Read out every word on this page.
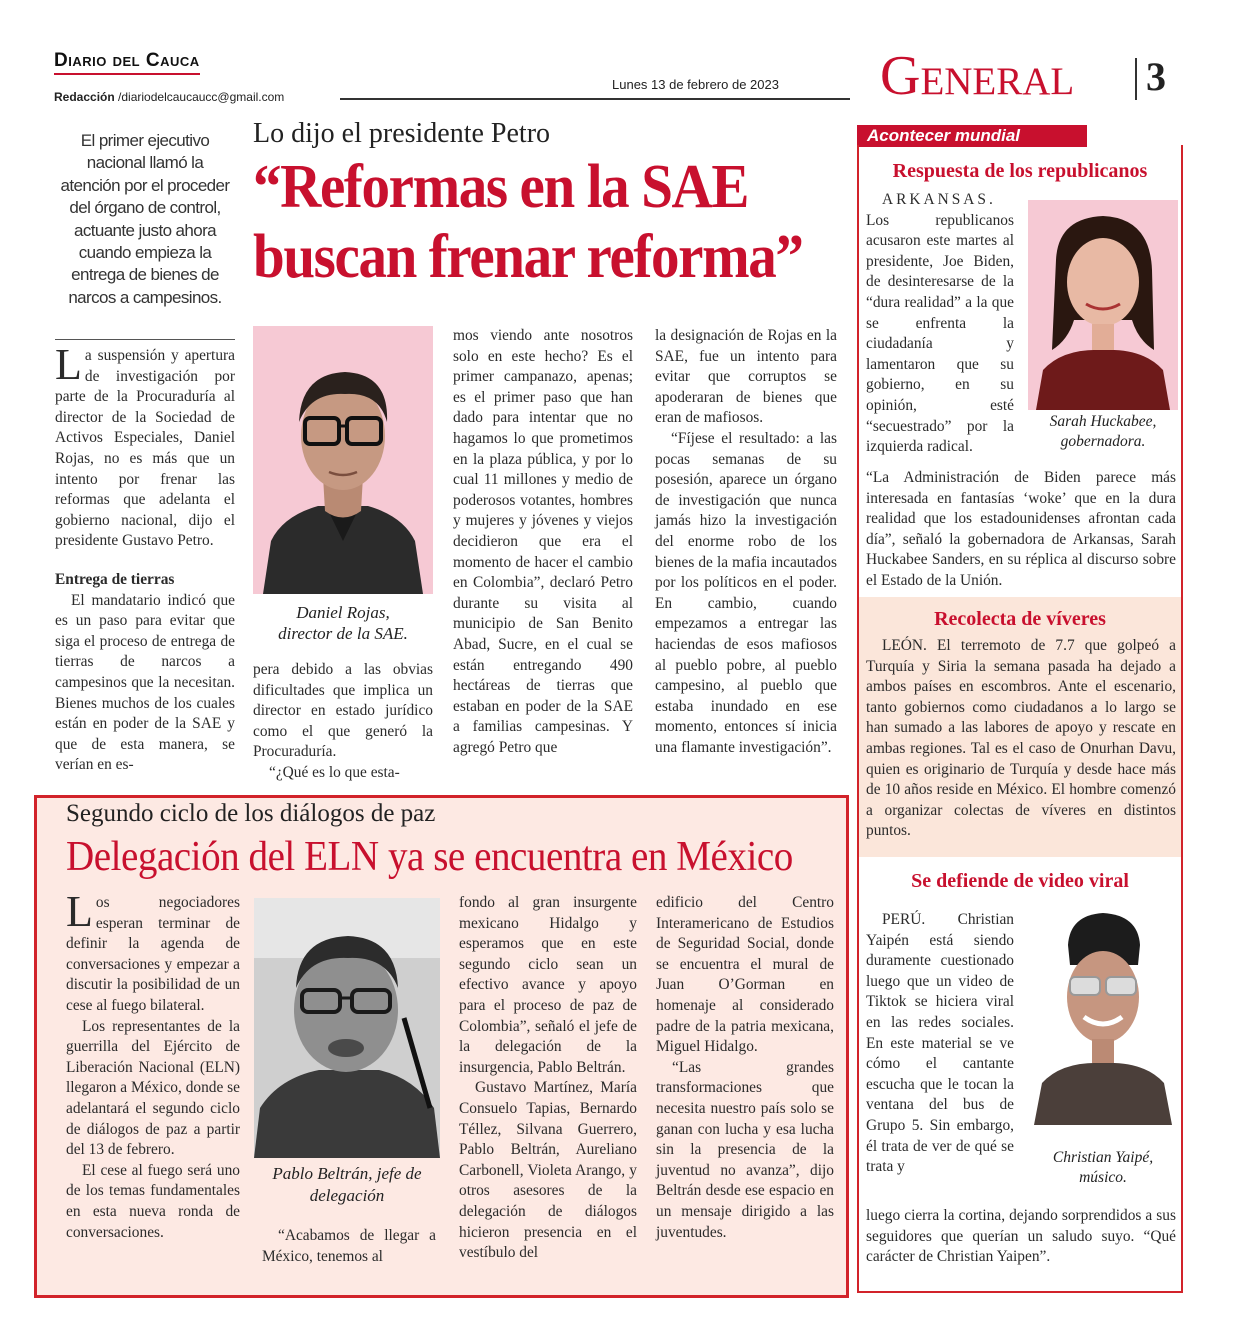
Diario del Cauca
Redacción /diariodelcaucaucc@gmail.com
Lunes 13 de febrero de 2023 General 3
El primer ejecutivo nacional llamó la atención por el proceder del órgano de control, actuante justo ahora cuando empieza la entrega de bienes de narcos a campesinos.
Lo dijo el presidente Petro
“Reformas en la SAE
buscan frenar reforma”

La suspensión y apertura de investigación por parte de la Procuraduría al director de la Sociedad de Activos Especiales, Daniel Rojas, no es más que un intento por frenar las reformas que adelanta el gobierno nacional, dijo el presidente Gustavo Petro.

Entrega de tierras

El mandatario indicó que es un paso para evitar que siga el proceso de entrega de tierras de narcos a campesinos que la necesitan. Bienes muchos de los cuales están en poder de la SAE y que de esta manera, se verían en es-

Daniel Rojas,
director de la SAE.

pera debido a las obvias dificultades que implica un director en estado jurídico como el que generó la Procuraduría.

“¿Qué es lo que esta-

mos viendo ante nosotros solo en este hecho? Es el primer campanazo, apenas; es el primer paso que han dado para intentar que no hagamos lo que prometimos en la plaza pública, y por lo cual 11 millones y medio de poderosos votantes, hombres y mujeres y jóvenes y viejos decidieron que era el momento de hacer el cambio en Colombia”, declaró Petro durante su visita al municipio de San Benito Abad, Sucre, en el cual se están entregando 490 hectáreas de tierras que estaban en poder de la SAE a familias campesinas. Y agregó Petro que

la designación de Rojas en la SAE, fue un intento para evitar que corruptos se apoderaran de bienes que eran de mafiosos.

“Fíjese el resultado: a las pocas semanas de su posesión, aparece un órgano de investigación que nunca jamás hizo la investigación del enorme robo de los bienes de la mafia incautados por los políticos en el poder. En cambio, cuando empezamos a entregar las haciendas de esos mafiosos al pueblo pobre, al pueblo campesino, al pueblo que estaba inundado en ese momento, entonces sí inicia una flamante investigación”.

Segundo ciclo de los diálogos de paz
Delegación del ELN ya se encuentra en México

Los negociadores esperan terminar de definir la agenda de conversaciones y empezar a discutir la posibilidad de un cese al fuego bilateral.

Los representantes de la guerrilla del Ejército de Liberación Nacional (ELN) llegaron a México, donde se adelantará el segundo ciclo de diálogos de paz a partir del 13 de febrero.

El cese al fuego será uno de los temas fundamentales en esta nueva ronda de conversaciones.

Pablo Beltrán, jefe de
delegación

“Acabamos de llegar a México, tenemos al

fondo al gran insurgente mexicano Hidalgo y esperamos que en este segundo ciclo sean un efectivo avance y apoyo para el proceso de paz de Colombia”, señaló el jefe de la delegación de la insurgencia, Pablo Beltrán.

Gustavo Martínez, María Consuelo Tapias, Bernardo Téllez, Silvana Guerrero, Pablo Beltrán, Aureliano Carbonell, Violeta Arango, y otros asesores de la delegación de diálogos hicieron presencia en el vestíbulo del

edificio del Centro Interamericano de Estudios de Seguridad Social, donde se encuentra el mural de Juan O’Gorman en homenaje al considerado padre de la patria mexicana, Miguel Hidalgo.

“Las grandes transformaciones que necesita nuestro país solo se ganan con lucha y esa lucha sin la presencia de la juventud no avanza”, dijo Beltrán desde ese espacio en un mensaje dirigido a las juventudes.

Acontecer mundial
Respuesta de los republicanos
Sarah Huckabee,
gobernadora.

ARKANSAS.

Los republicanos acusaron este martes al presidente, Joe Biden, de desinteresarse de la “dura realidad” a la que se enfrenta la ciudadanía y lamentaron que su gobierno, en su opinión, esté “secuestrado” por la izquierda radical.

“La Administración de Biden parece más interesada en fantasías ‘woke’ que en la dura realidad que los estadounidenses afrontan cada día”, señaló la gobernadora de Arkansas, Sarah Huckabee Sanders, en su réplica al discurso sobre el Estado de la Unión.

Recolecta de víveres

LEÓN. El terremoto de 7.7 que golpeó a Turquía y Siria la semana pasada ha dejado a ambos países en escombros. Ante el escenario, tanto gobiernos como ciudadanos a lo largo se han sumado a las labores de apoyo y rescate en ambas regiones. Tal es el caso de Onurhan Davu, quien es originario de Turquía y desde hace más de 10 años reside en México. El hombre comenzó a organizar colectas de víveres en distintos puntos.

Se defiende de video viral
Christian Yaipé,
músico.

PERÚ. Christian Yaipén está siendo duramente cuestionado luego que un video de Tiktok se hiciera viral en las redes sociales. En este material se ve cómo el cantante escucha que le tocan la ventana del bus de Grupo 5. Sin embargo, él trata de ver de qué se trata y

luego cierra la cortina, dejando sorprendidos a sus seguidores que querían un saludo suyo. “Qué carácter de Christian Yaipen”.
